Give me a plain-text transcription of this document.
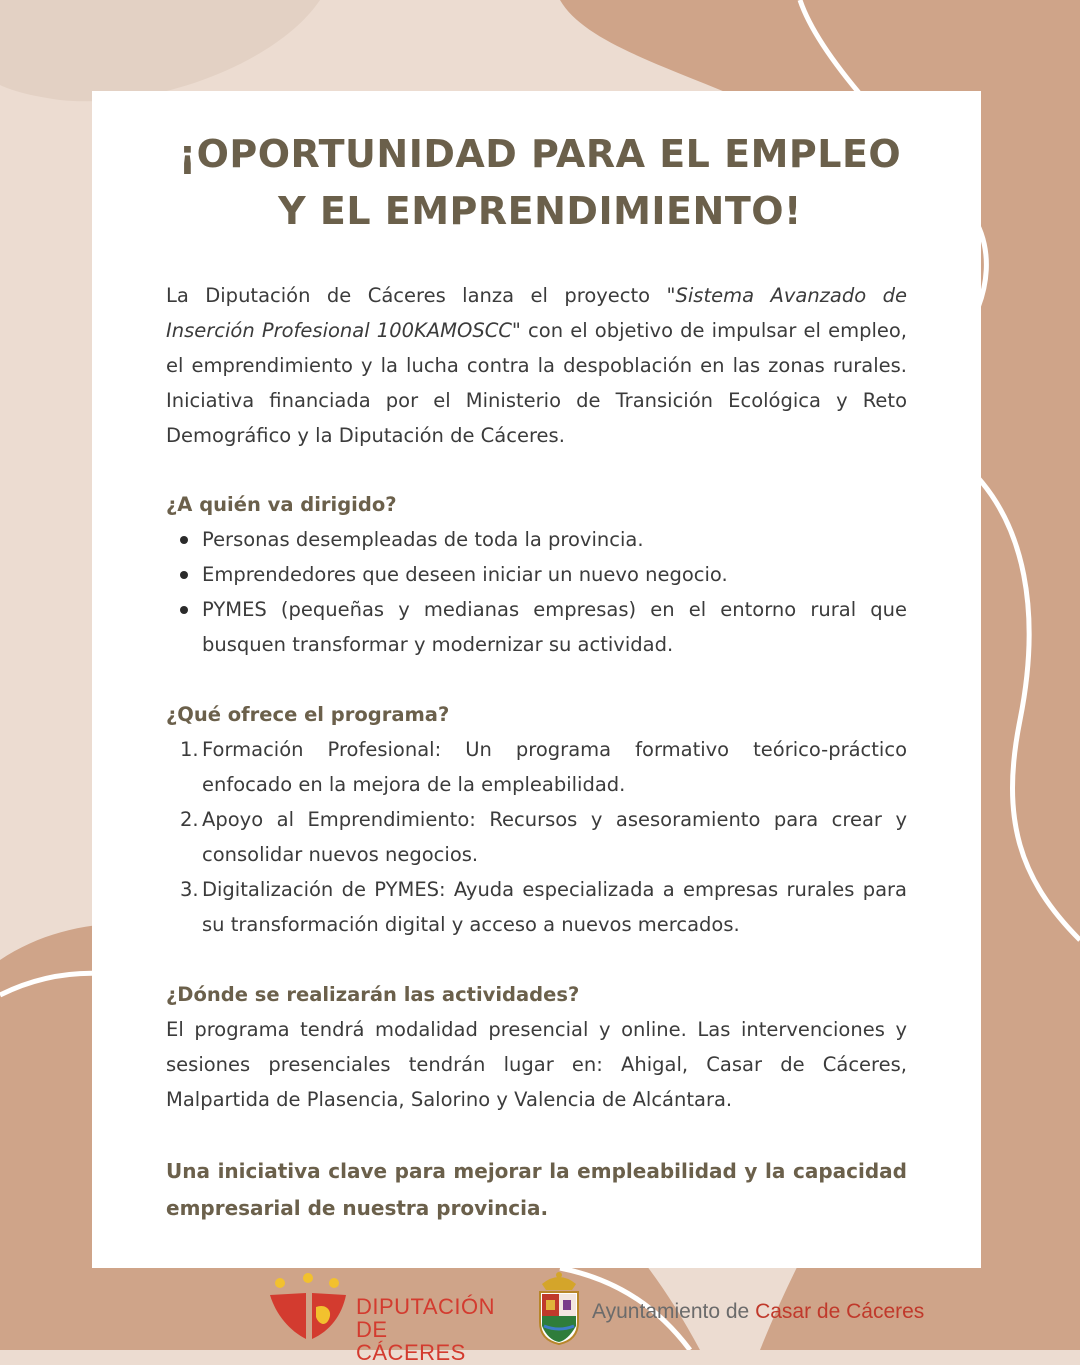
¡OPORTUNIDAD PARA EL EMPLEO
Y EL EMPRENDIMIENTO!

La Diputación de Cáceres lanza el proyecto "Sistema Avanzado de Inserción Profesional 100KAMOSCC" con el objetivo de impulsar el empleo, el emprendimiento y la lucha contra la despoblación en las zonas rurales. Iniciativa financiada por el Ministerio de Transición Ecológica y Reto Demográfico y la Diputación de Cáceres.

¿A quién va dirigido?
Personas desempleadas de toda la provincia.
Emprendedores que deseen iniciar un nuevo negocio.
PYMES (pequeñas y medianas empresas) en el entorno rural que busquen transformar y modernizar su actividad.
¿Qué ofrece el programa?
1. Formación Profesional: Un programa formativo teórico-práctico enfocado en la mejora de la empleabilidad.
2. Apoyo al Emprendimiento: Recursos y asesoramiento para crear y consolidar nuevos negocios.
3. Digitalización de PYMES: Ayuda especializada a empresas rurales para su transformación digital y acceso a nuevos mercados.
¿Dónde se realizarán las actividades?

El programa tendrá modalidad presencial y online. Las intervenciones y sesiones presenciales tendrán lugar en: Ahigal, Casar de Cáceres, Malpartida de Plasencia, Salorino y Valencia de Alcántara.

Una iniciativa clave para mejorar la empleabilidad y la capacidad empresarial de nuestra provincia.

DIPUTACIÓN
DE CÁCERES
Ayuntamiento de Casar de Cáceres
